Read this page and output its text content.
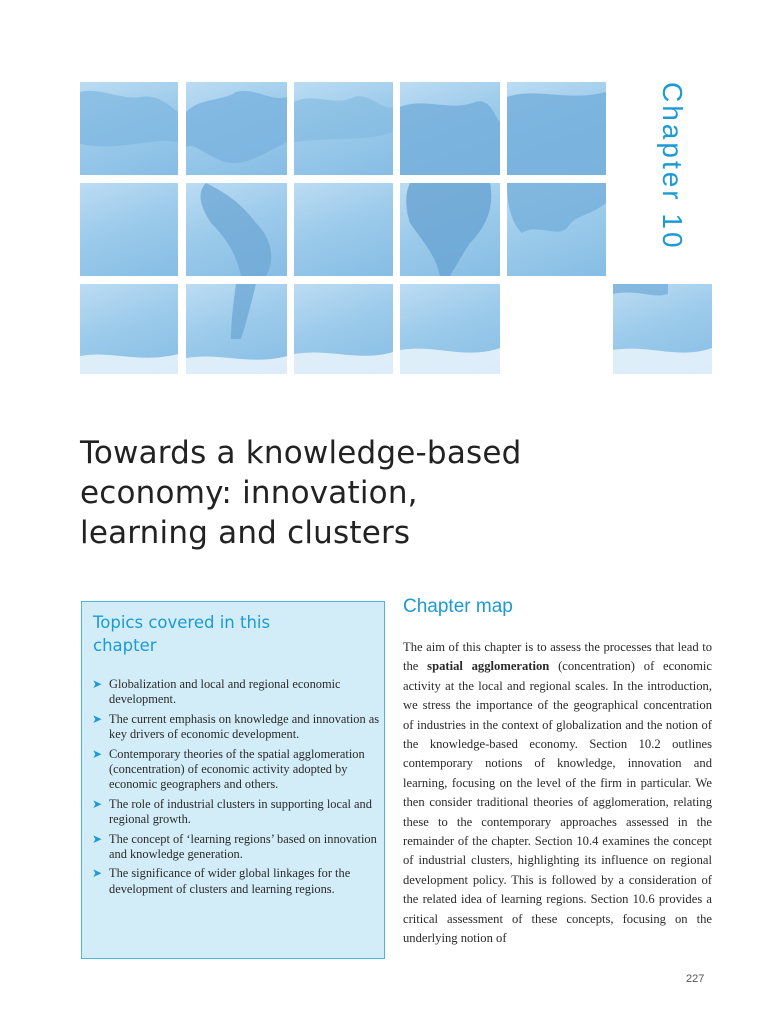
Chapter 10
Towards a knowledge-based
economy: innovation,
learning and clusters
Topics covered in this
chapter
➤ Globalization and local and regional economic development.
➤ The current emphasis on knowledge and innovation as key drivers of economic development.
➤ Contemporary theories of the spatial agglomeration (concentration) of economic activity adopted by economic geographers and others.
➤ The role of industrial clusters in supporting local and regional growth.
➤ The concept of ‘learning regions’ based on innovation and knowledge generation.
➤ The significance of wider global linkages for the development of clusters and learning regions.
Chapter map

The aim of this chapter is to assess the processes that lead to the spatial agglomeration (concentration) of economic activity at the local and regional scales. In the introduction, we stress the importance of the geographical concentration of industries in the context of globalization and the notion of the knowledge-based economy. Section 10.2 outlines contemporary notions of knowledge, innovation and learning, focusing on the level of the firm in particular. We then consider traditional theories of agglomeration, relating these to the contemporary approaches assessed in the remainder of the chapter. Section 10.4 examines the concept of industrial clusters, highlighting its influence on regional development policy. This is followed by a consideration of the related idea of learning regions. Section 10.6 provides a critical assessment of these concepts, focusing on the underlying notion of

227
